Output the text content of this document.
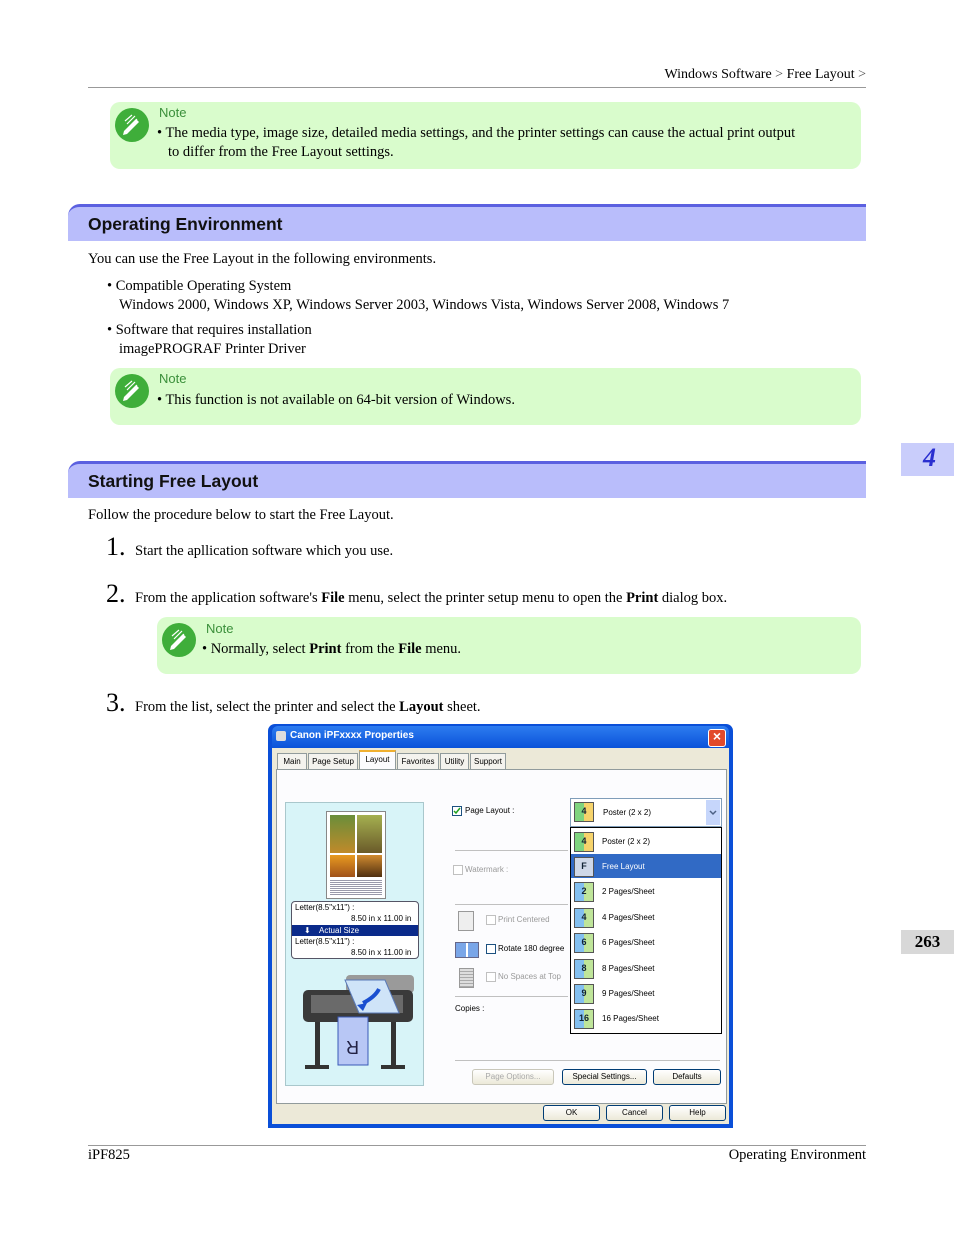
Windows Software > Free Layout >
Note
• The media type, image size, detailed media settings, and the printer settings can cause the actual print output
to differ from the Free Layout settings.
Operating Environment
You can use the Free Layout in the following environments.
• Compatible Operating System
Windows 2000, Windows XP, Windows Server 2003, Windows Vista, Windows Server 2008, Windows 7
• Software that requires installation
imagePROGRAF Printer Driver
Note
• This function is not available on 64-bit version of Windows.
Starting Free Layout
Follow the procedure below to start the Free Layout.
1. Start the apllication software which you use.
2. From the application software's File menu, select the printer setup menu to open the Print dialog box.
Note
• Normally, select Print from the File menu.
3. From the list, select the printer and select the Layout sheet.
Canon iPFxxxx Properties	×
Main	Page Setup	Layout	Favorites	Utility	Support
Letter(8.5"x11") :
8.50 in x 11.00 in
⬇ Actual Size
Letter(8.5"x11") :
8.50 in x 11.00 in
R
Page Layout :	4	Poster (2 x 2)
Watermark :
Print Centered
Rotate 180 degree
No Spaces at Top
Copies :
4	Poster (2 x 2)
F	Free Layout
2	2 Pages/Sheet
4	4 Pages/Sheet
6	6 Pages/Sheet
8	8 Pages/Sheet
9	9 Pages/Sheet
16	16 Pages/Sheet
Page Options...	Special Settings...	Defaults
OK	Cancel	Help
4
263
iPF825	Operating Environment
